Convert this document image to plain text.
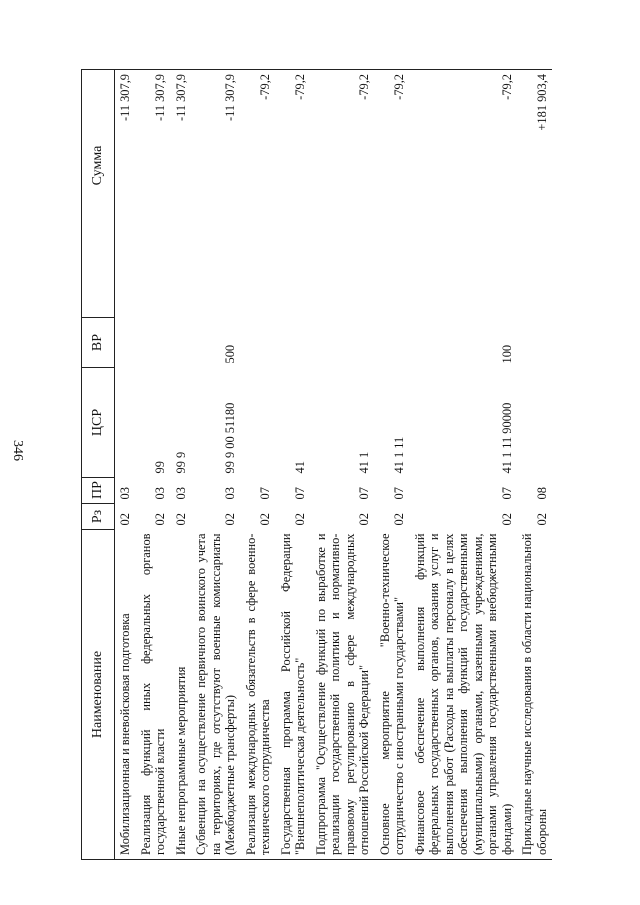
346
Наименование	Рз	ПР	ЦСР	ВР	Сумма
Мобилизационная и вневойсковая подготовка	02	03			-11 307,9
Реализация функций иных федеральных органов государственной власти	02	03	99		-11 307,9
Иные непрограммные мероприятия	02	03	99 9		-11 307,9
Субвенции на осуществление первичного воинского учета на территориях, где отсутствуют военные комиссариаты (Межбюджетные трансферты)	02	03	99 9 00 51180	500	-11 307,9
Реализация международных обязательств в сфере военно-технического сотрудничества	02	07			-79,2
Государственная программа Российской Федерации "Внешнеполитическая деятельность"	02	07	41		-79,2
Подпрограмма "Осуществление функций по выработке и реализации государственной политики и нормативно-правовому регулированию в сфере международных отношений Российской Федерации"	02	07	41 1		-79,2
Основное мероприятие "Военно-техническое сотрудничество с иностранными государствами"	02	07	41 1 11		-79,2
Финансовое обеспечение выполнения функций федеральных государственных органов, оказания услуг и выполнения работ (Расходы на выплаты персоналу в целях обеспечения выполнения функций государственными (муниципальными) органами, казенными учреждениями, органами управления государственными внебюджетными фондами)	02	07	41 1 11 90000	100	-79,2
Прикладные научные исследования в области национальной обороны	02	08			+181 903,4
